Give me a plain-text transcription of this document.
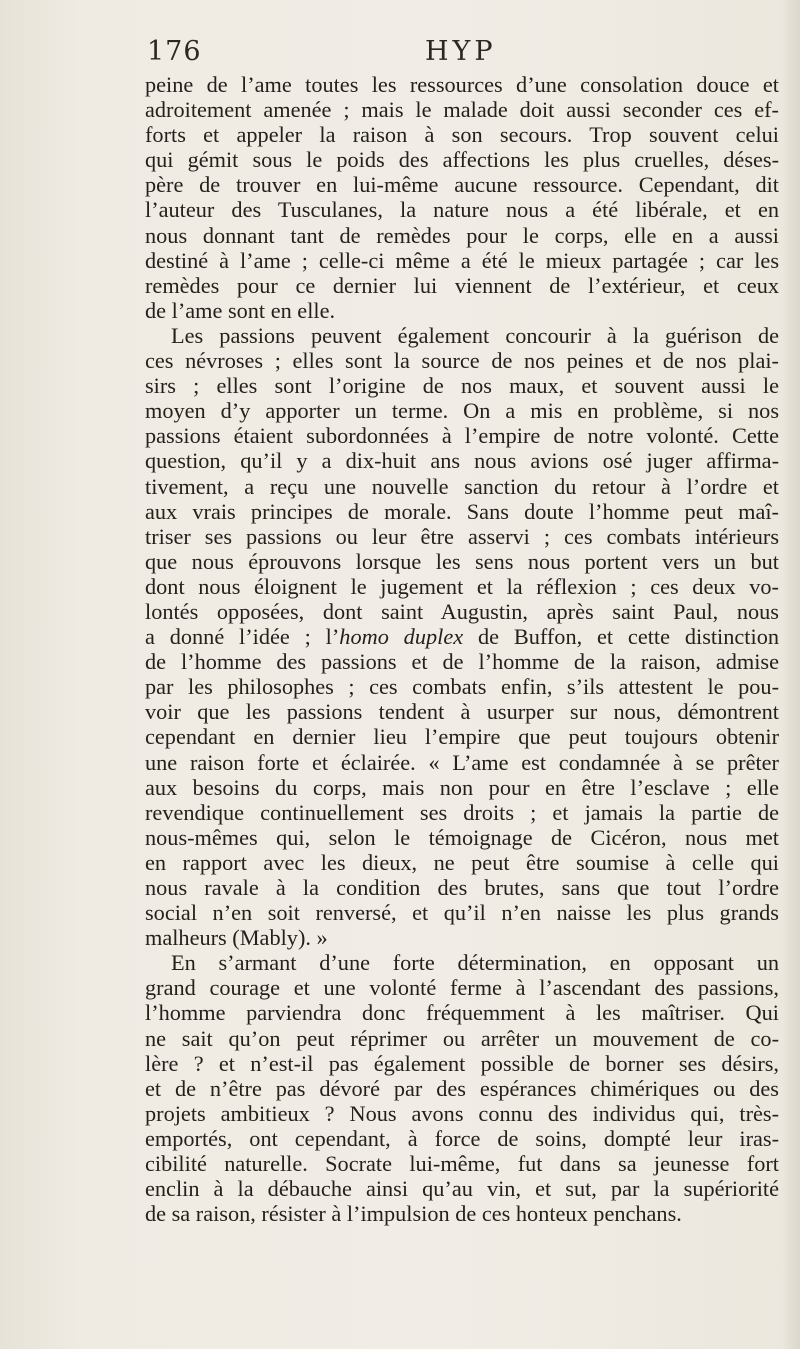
176	HYP
peine de l’ame toutes les ressources d’une consolation douce et
adroitement amenée ; mais le malade doit aussi seconder ces ef-
forts et appeler la raison à son secours. Trop souvent celui
qui gémit sous le poids des affections les plus cruelles, déses-
père de trouver en lui-même aucune ressource. Cependant, dit
l’auteur des Tusculanes, la nature nous a été libérale, et en
nous donnant tant de remèdes pour le corps, elle en a aussi
destiné à l’ame ; celle-ci même a été le mieux partagée ; car les
remèdes pour ce dernier lui viennent de l’extérieur, et ceux
de l’ame sont en elle.
Les passions peuvent également concourir à la guérison de
ces névroses ; elles sont la source de nos peines et de nos plai-
sirs ; elles sont l’origine de nos maux, et souvent aussi le
moyen d’y apporter un terme. On a mis en problème, si nos
passions étaient subordonnées à l’empire de notre volonté. Cette
question, qu’il y a dix-huit ans nous avions osé juger affirma-
tivement, a reçu une nouvelle sanction du retour à l’ordre et
aux vrais principes de morale. Sans doute l’homme peut maî-
triser ses passions ou leur être asservi ; ces combats intérieurs
que nous éprouvons lorsque les sens nous portent vers un but
dont nous éloignent le jugement et la réflexion ; ces deux vo-
lontés opposées, dont saint Augustin, après saint Paul, nous
a donné l’idée ; l’homo duplex de Buffon, et cette distinction
de l’homme des passions et de l’homme de la raison, admise
par les philosophes ; ces combats enfin, s’ils attestent le pou-
voir que les passions tendent à usurper sur nous, démontrent
cependant en dernier lieu l’empire que peut toujours obtenir
une raison forte et éclairée. « L’ame est condamnée à se prêter
aux besoins du corps, mais non pour en être l’esclave ; elle
revendique continuellement ses droits ; et jamais la partie de
nous-mêmes qui, selon le témoignage de Cicéron, nous met
en rapport avec les dieux, ne peut être soumise à celle qui
nous ravale à la condition des brutes, sans que tout l’ordre
social n’en soit renversé, et qu’il n’en naisse les plus grands
malheurs (Mably). »
En s’armant d’une forte détermination, en opposant un
grand courage et une volonté ferme à l’ascendant des passions,
l’homme parviendra donc fréquemment à les maîtriser. Qui
ne sait qu’on peut réprimer ou arrêter un mouvement de co-
lère ? et n’est-il pas également possible de borner ses désirs,
et de n’être pas dévoré par des espérances chimériques ou des
projets ambitieux ? Nous avons connu des individus qui, très-
emportés, ont cependant, à force de soins, dompté leur iras-
cibilité naturelle. Socrate lui-même, fut dans sa jeunesse fort
enclin à la débauche ainsi qu’au vin, et sut, par la supériorité
de sa raison, résister à l’impulsion de ces honteux penchans.
